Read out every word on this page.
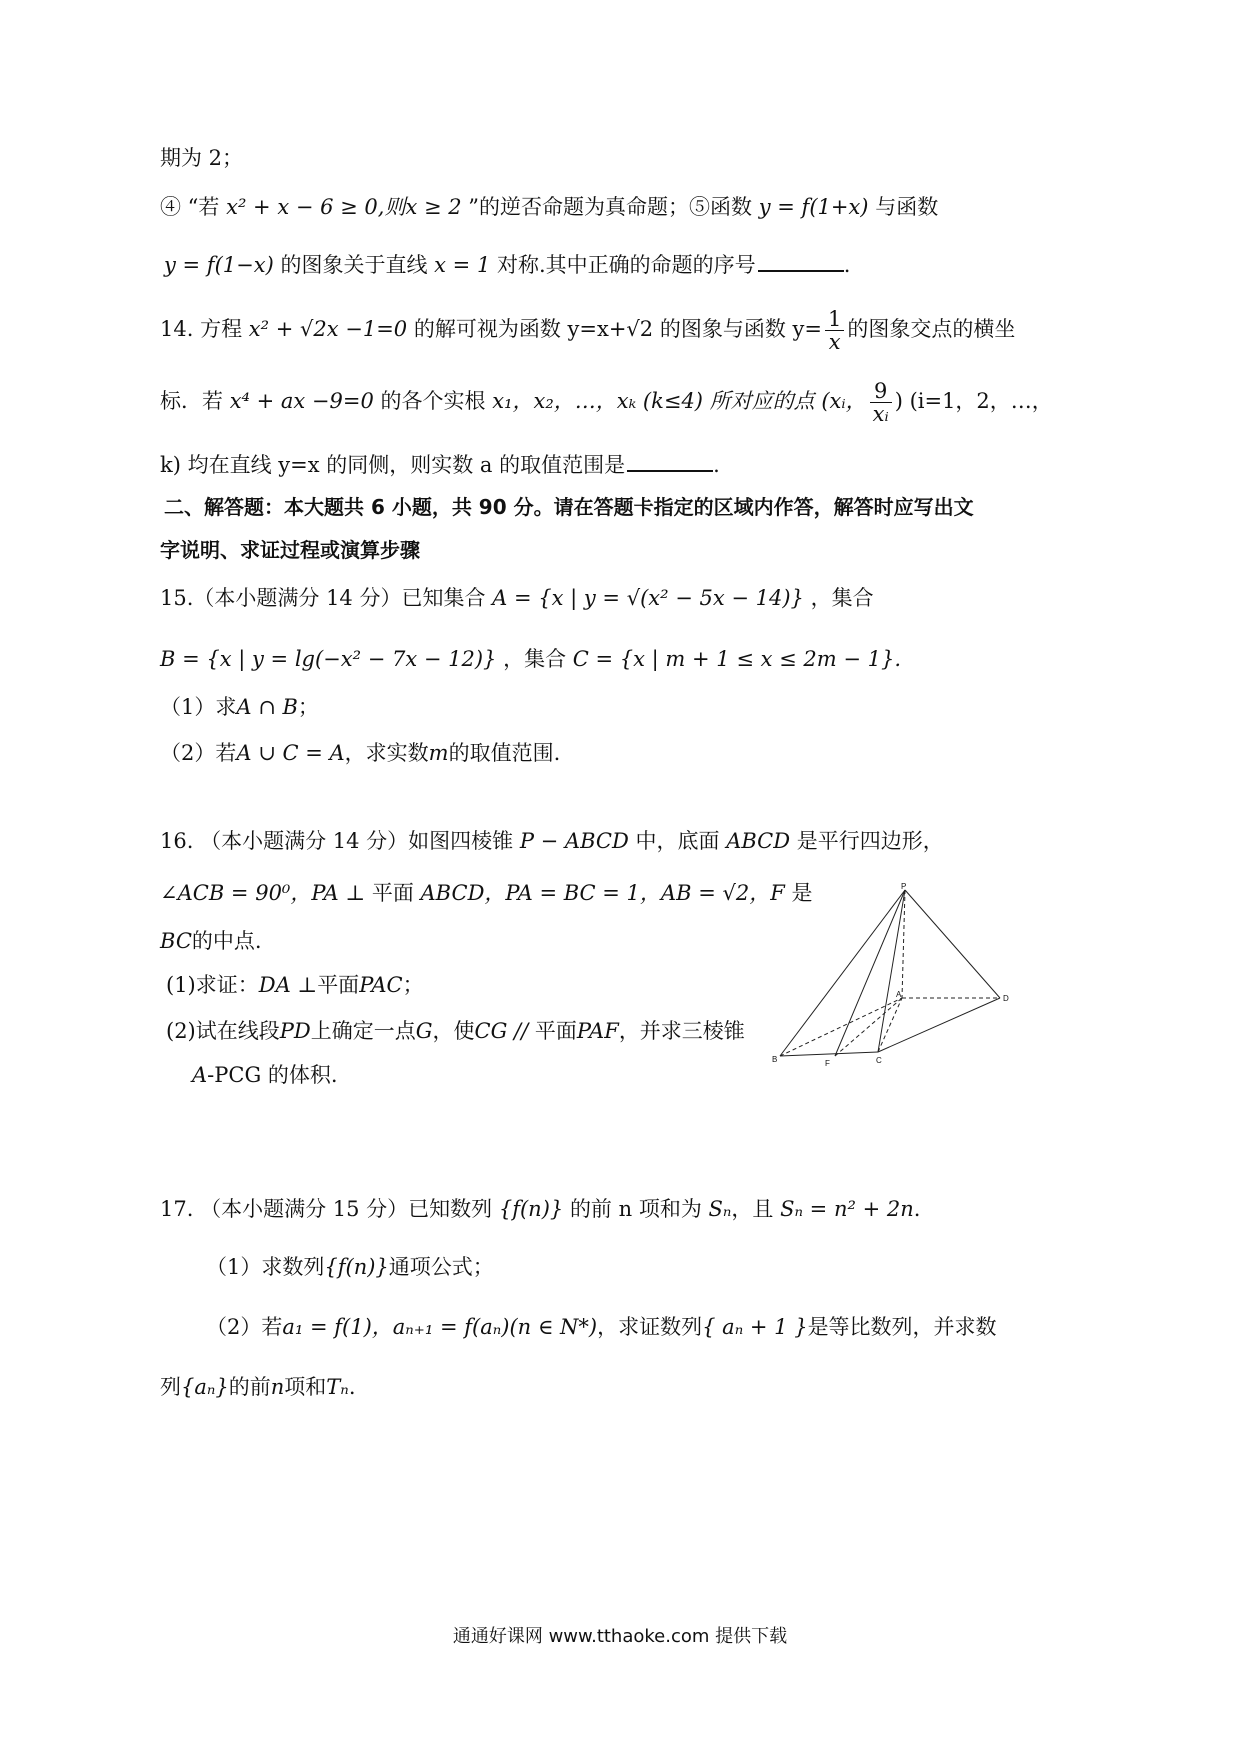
期为 2；
④ “若 x² + x − 6 ≥ 0,则x ≥ 2 ”的逆否命题为真命题；⑤函数 y = f(1+x) 与函数
y = f(1−x) 的图象关于直线 x = 1 对称.其中正确的命题的序号	.
14. 方程 x² + √2x −1=0 的解可视为函数 y=x+√2 的图象与函数 $y= \frac{1}{x}$ 的图象交点的横坐
标．若 x⁴ + ax −9=0 的各个实根 x₁，x₂，…，xₖ (k≤4) 所对应的点 (xᵢ， $\frac{9}{\text{xᵢ}}$ ) (i=1，2，…，
k) 均在直线 y=x 的同侧，则实数 a 的取值范围是	.
二、解答题：本大题共 6 小题，共 90 分。请在答题卡指定的区域内作答，解答时应写出文
字说明、求证过程或演算步骤
15.（本小题满分 14 分）已知集合 A = {x | y = √(x² − 5x − 14)} ，集合
B = {x | y = lg(−x² − 7x − 12)} ，集合 C = {x | m + 1 ≤ x ≤ 2m − 1}.
（1）求A ∩ B；
（2）若A ∪ C = A，求实数m的取值范围.
16. （本小题满分 14 分）如图四棱锥 P − ABCD 中，底面 ABCD 是平行四边形，
∠ACB = 90⁰，PA ⊥ 平面 ABCD，PA = BC = 1，AB = √2，F 是
BC的中点.
(1)求证：DA ⊥平面PAC；
(2)试在线段PD上确定一点G，使CG // 平面PAF，并求三棱锥
A-PCG 的体积.
P
A	D
B	F	C
17. （本小题满分 15 分）已知数列 {f(n)} 的前 n 项和为 Sₙ，且 Sₙ = n² + 2n.
（1）求数列{f(n)}通项公式；
（2）若a₁ = f(1)，aₙ₊₁ = f(aₙ)(n ∈ N*)，求证数列{ aₙ + 1 }是等比数列，并求数
列{aₙ}的前n项和Tₙ.
通通好课网 www.tthaoke.com 提供下载
